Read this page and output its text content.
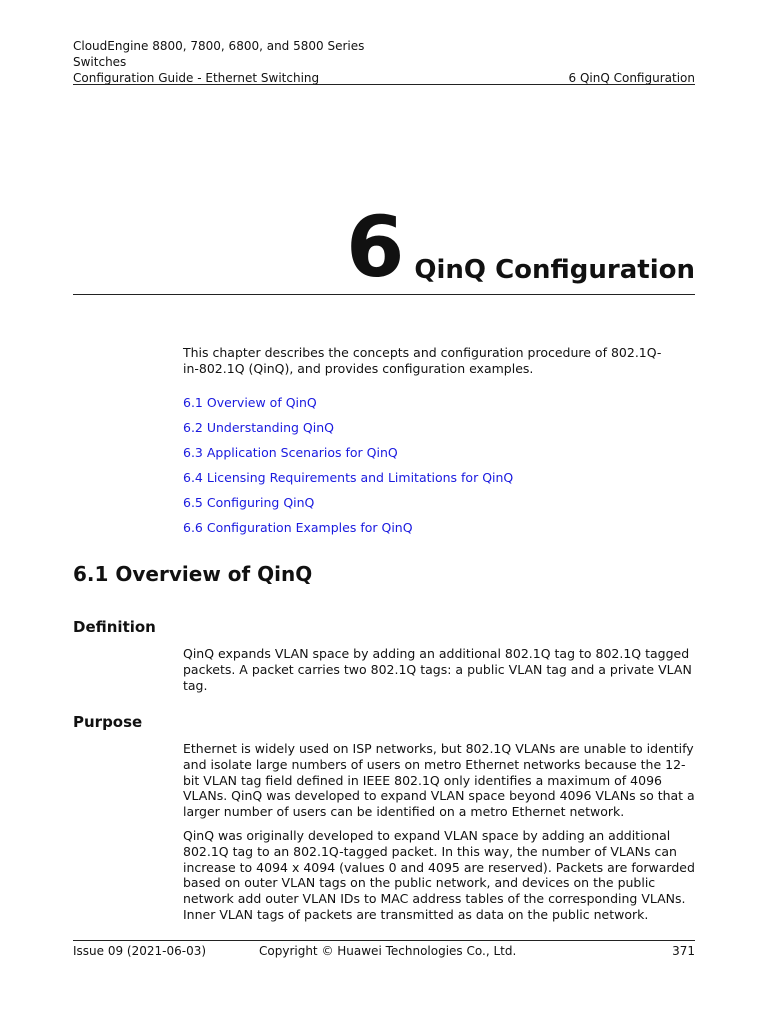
CloudEngine 8800, 7800, 6800, and 5800 Series
Switches
Configuration Guide - Ethernet Switching	6 QinQ Configuration
6 QinQ Configuration
This chapter describes the concepts and configuration procedure of 802.1Q-in-802.1Q (QinQ), and provides configuration examples.
6.1 Overview of QinQ
6.2 Understanding QinQ
6.3 Application Scenarios for QinQ
6.4 Licensing Requirements and Limitations for QinQ
6.5 Configuring QinQ
6.6 Configuration Examples for QinQ
6.1 Overview of QinQ
Definition
QinQ expands VLAN space by adding an additional 802.1Q tag to 802.1Q tagged packets. A packet carries two 802.1Q tags: a public VLAN tag and a private VLAN tag.
Purpose
Ethernet is widely used on ISP networks, but 802.1Q VLANs are unable to identify and isolate large numbers of users on metro Ethernet networks because the 12-bit VLAN tag field defined in IEEE 802.1Q only identifies a maximum of 4096 VLANs. QinQ was developed to expand VLAN space beyond 4096 VLANs so that a larger number of users can be identified on a metro Ethernet network.
QinQ was originally developed to expand VLAN space by adding an additional 802.1Q tag to an 802.1Q-tagged packet. In this way, the number of VLANs can increase to 4094 x 4094 (values 0 and 4095 are reserved). Packets are forwarded based on outer VLAN tags on the public network, and devices on the public network add outer VLAN IDs to MAC address tables of the corresponding VLANs. Inner VLAN tags of packets are transmitted as data on the public network.
Issue 09 (2021-06-03)	Copyright © Huawei Technologies Co., Ltd.	371
